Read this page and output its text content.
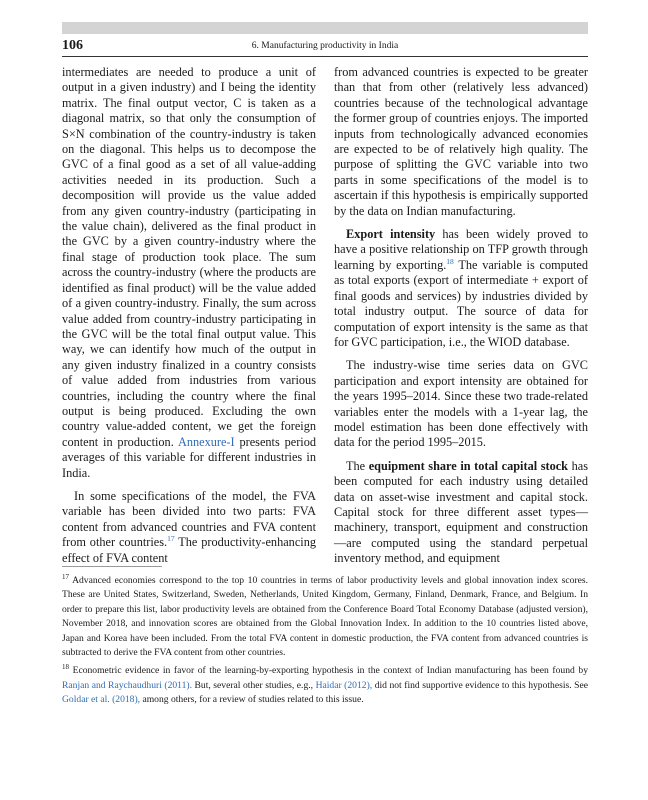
106	6. Manufacturing productivity in India

intermediates are needed to produce a unit of output in a given industry) and I being the identity matrix. The final output vector, C is taken as a diagonal matrix, so that only the consumption of S×N combination of the country-industry is taken on the diagonal. This helps us to decompose the GVC of a final good as a set of all value-adding activities needed in its production. Such a decomposition will provide us the value added from any given country-industry (participating in the value chain), delivered as the final product in the GVC by a given country-industry where the final stage of production took place. The sum across the country-industry (where the products are identified as final product) will be the value added of a given country-industry. Finally, the sum across value added from country-industry participating in the GVC will be the total final output value. This way, we can identify how much of the output in any given industry finalized in a country consists of value added from industries from various countries, including the country where the final output is being produced. Excluding the own country value-added content, we get the foreign content in production. Annexure-I presents period averages of this variable for different industries in India.

In some specifications of the model, the FVA variable has been divided into two parts: FVA content from advanced countries and FVA content from other countries.$^{17}$ The productivity-enhancing effect of FVA content

from advanced countries is expected to be greater than that from other (relatively less advanced) countries because of the technological advantage the former group of countries enjoys. The imported inputs from technologically advanced economies are expected to be of relatively high quality. The purpose of splitting the GVC variable into two parts in some specifications of the model is to ascertain if this hypothesis is empirically supported by the data on Indian manufacturing.

Export intensity has been widely proved to have a positive relationship on TFP growth through learning by exporting.$^{18}$ The variable is computed as total exports (export of intermediate + export of final goods and services) by industries divided by total industry output. The source of data for computation of export intensity is the same as that for GVC participation, i.e., the WIOD database.

The industry-wise time series data on GVC participation and export intensity are obtained for the years 1995–2014. Since these two trade-related variables enter the models with a 1-year lag, the model estimation has been done effectively with data for the period 1995–2015.

The equipment share in total capital stock has been computed for each industry using detailed data on asset-wise investment and capital stock. Capital stock for three different asset types—machinery, transport, equipment and construction—are computed using the standard perpetual inventory method, and equipment

$^{17}$ Advanced economies correspond to the top 10 countries in terms of labor productivity levels and global innovation index scores. These are United States, Switzerland, Sweden, Netherlands, United Kingdom, Germany, Finland, Denmark, France, and Belgium. In order to prepare this list, labor productivity levels are obtained from the Conference Board Total Economy Database (adjusted version), November 2018, and innovation scores are obtained from the Global Innovation Index. In addition to the 10 countries listed above, Japan and Korea have been included. From the total FVA content in domestic production, the FVA content from advanced countries is subtracted to derive the FVA content from other countries.

$^{18}$ Econometric evidence in favor of the learning-by-exporting hypothesis in the context of Indian manufacturing has been found by Ranjan and Raychaudhuri (2011). But, several other studies, e.g., Haidar (2012), did not find supportive evidence to this hypothesis. See Goldar et al. (2018), among others, for a review of studies related to this issue.
